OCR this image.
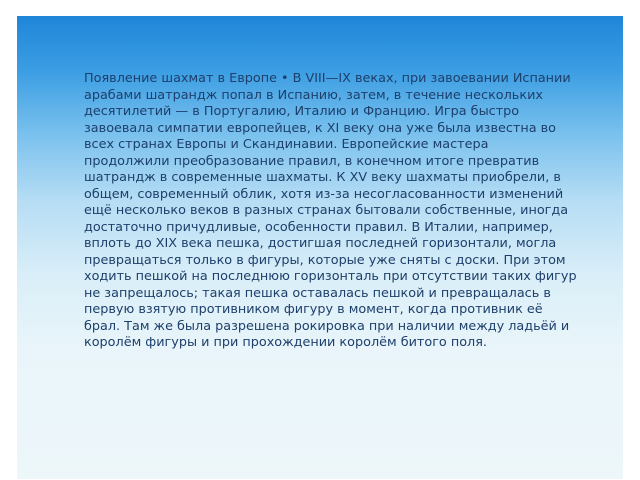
Появление шахмат в Европе • В VIII—IX веках, при завоевании Испании арабами шатрандж попал в Испанию, затем, в течение нескольких десятилетий — в Португалию, Италию и Францию. Игра быстро завоевала симпатии европейцев, к XI веку она уже была известна во всех странах Европы и Скандинавии. Европейские мастера продолжили преобразование правил, в конечном итоге превратив шатрандж в современные шахматы. К XV веку шахматы приобрели, в общем, современный облик, хотя из-за несогласованности изменений ещё несколько веков в разных странах бытовали собственные, иногда достаточно причудливые, особенности правил. В Италии, например, вплоть до XIX века пешка, достигшая последней горизонтали, могла превращаться только в фигуры, которые уже сняты с доски. При этом ходить пешкой на последнюю горизонталь при отсутствии таких фигур не запрещалось; такая пешка оставалась пешкой и превращалась в первую взятую противником фигуру в момент, когда противник её брал. Там же была разрешена рокировка при наличии между ладьёй и королём фигуры и при прохождении королём битого поля.
